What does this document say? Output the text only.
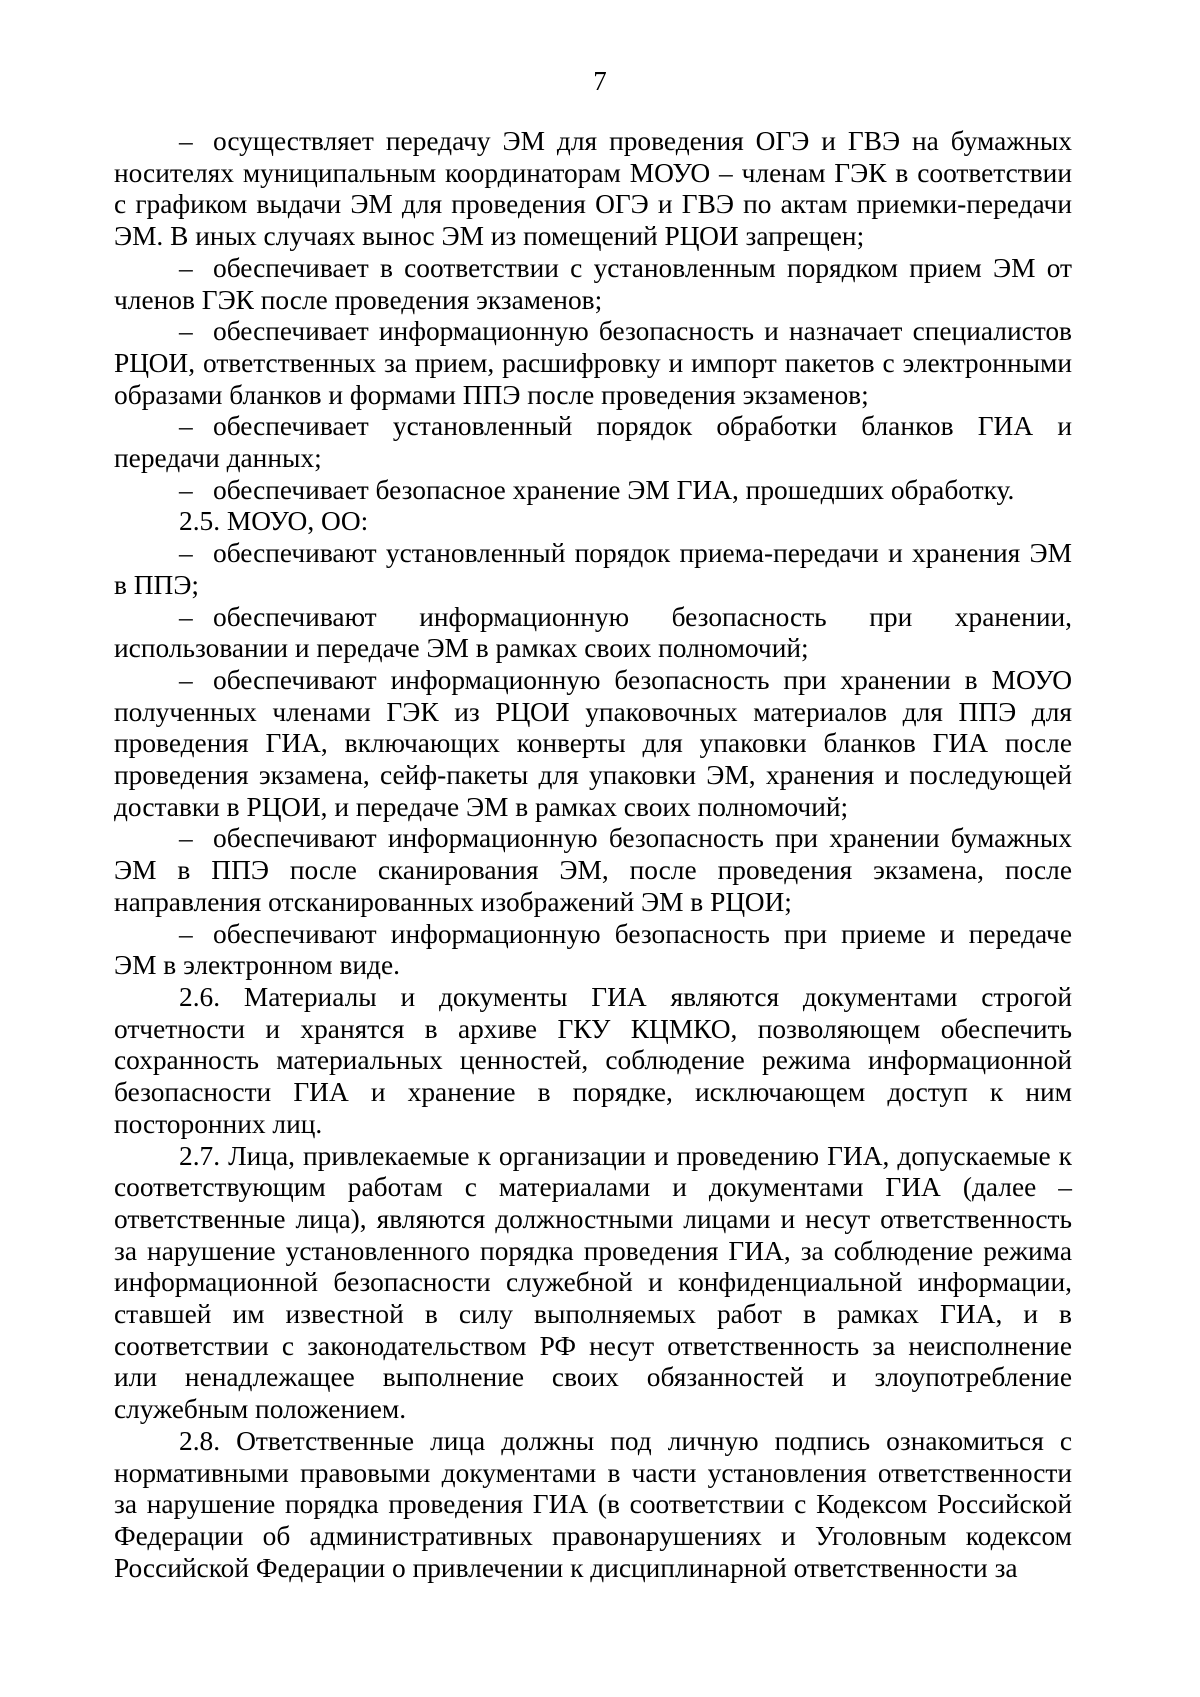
7

– осуществляет передачу ЭМ для проведения ОГЭ и ГВЭ на бумажных носителях муниципальным координаторам МОУО – членам ГЭК в соответствии с графиком выдачи ЭМ для проведения ОГЭ и ГВЭ по актам приемки-передачи ЭМ. В иных случаях вынос ЭМ из помещений РЦОИ запрещен;

– обеспечивает в соответствии с установленным порядком прием ЭМ от членов ГЭК после проведения экзаменов;

– обеспечивает информационную безопасность и назначает специалистов РЦОИ, ответственных за прием, расшифровку и импорт пакетов с электронными образами бланков и формами ППЭ после проведения экзаменов;

– обеспечивает установленный порядок обработки бланков ГИА и передачи данных;

– обеспечивает безопасное хранение ЭМ ГИА, прошедших обработку.

2.5. МОУО, ОО:

– обеспечивают установленный порядок приема-передачи и хранения ЭМ в ППЭ;

– обеспечивают информационную безопасность при хранении, использовании и передаче ЭМ в рамках своих полномочий;

– обеспечивают информационную безопасность при хранении в МОУО полученных членами ГЭК из РЦОИ упаковочных материалов для ППЭ для проведения ГИА, включающих конверты для упаковки бланков ГИА после проведения экзамена, сейф-пакеты для упаковки ЭМ, хранения и последующей доставки в РЦОИ, и передаче ЭМ в рамках своих полномочий;

– обеспечивают информационную безопасность при хранении бумажных ЭМ в ППЭ после сканирования ЭМ, после проведения экзамена, после направления отсканированных изображений ЭМ в РЦОИ;

– обеспечивают информационную безопасность при приеме и передаче ЭМ в электронном виде.

2.6. Материалы и документы ГИА являются документами строгой отчетности и хранятся в архиве ГКУ КЦМКО, позволяющем обеспечить сохранность материальных ценностей, соблюдение режима информационной безопасности ГИА и хранение в порядке, исключающем доступ к ним посторонних лиц.

2.7. Лица, привлекаемые к организации и проведению ГИА, допускаемые к соответствующим работам с материалами и документами ГИА (далее – ответственные лица), являются должностными лицами и несут ответственность за нарушение установленного порядка проведения ГИА, за соблюдение режима информационной безопасности служебной и конфиденциальной информации, ставшей им известной в силу выполняемых работ в рамках ГИА, и в соответствии с законодательством РФ несут ответственность за неисполнение или ненадлежащее выполнение своих обязанностей и злоупотребление служебным положением.

2.8. Ответственные лица должны под личную подпись ознакомиться с нормативными правовыми документами в части установления ответственности за нарушение порядка проведения ГИА (в соответствии с Кодексом Российской Федерации об административных правонарушениях и Уголовным кодексом Российской Федерации о привлечении к дисциплинарной ответственности за
